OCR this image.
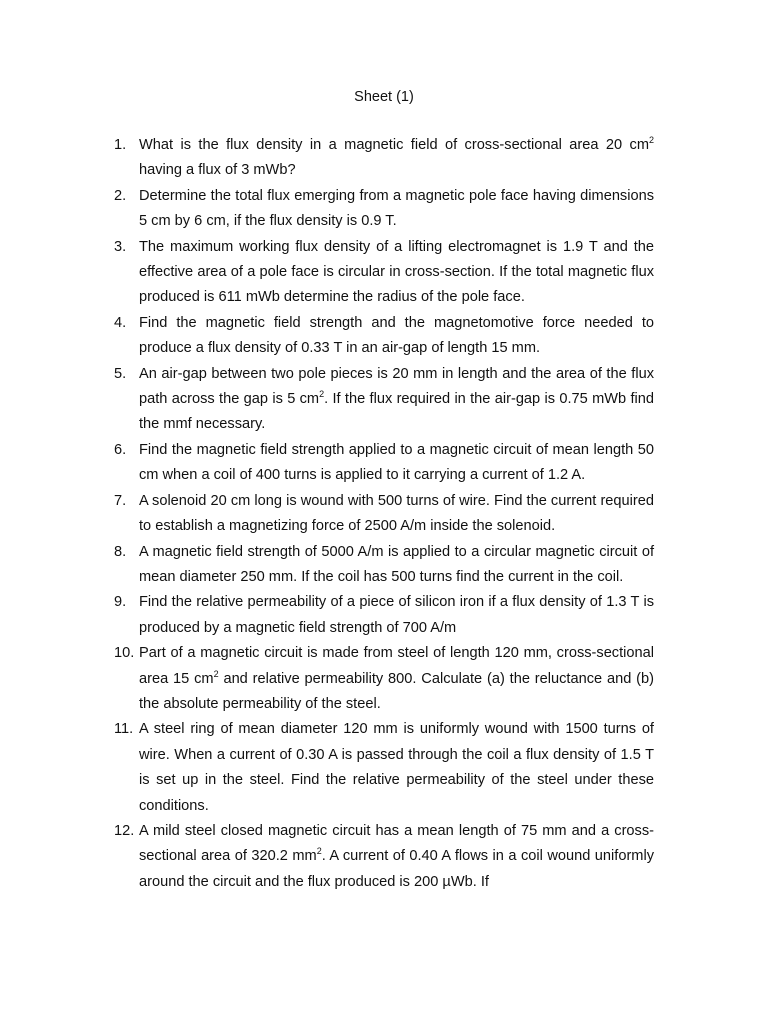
Sheet (1)
1. What is the flux density in a magnetic field of cross-sectional area 20 $cm^2$ having a flux of 3 mWb?
2. Determine the total flux emerging from a magnetic pole face having dimensions 5 cm by 6 cm, if the flux density is 0.9 T.
3. The maximum working flux density of a lifting electromagnet is 1.9 T and the effective area of a pole face is circular in cross-section. If the total magnetic flux produced is 611 mWb determine the radius of the pole face.
4. Find the magnetic field strength and the magnetomotive force needed to produce a flux density of 0.33 T in an air-gap of length 15 mm.
5. An air-gap between two pole pieces is 20 mm in length and the area of the flux path across the gap is 5 $cm^2$. If the flux required in the air-gap is 0.75 mWb find the mmf necessary.
6. Find the magnetic field strength applied to a magnetic circuit of mean length 50 cm when a coil of 400 turns is applied to it carrying a current of 1.2 A.
7. A solenoid 20 cm long is wound with 500 turns of wire. Find the current required to establish a magnetizing force of 2500 A/m inside the solenoid.
8. A magnetic field strength of 5000 A/m is applied to a circular magnetic circuit of mean diameter 250 mm. If the coil has 500 turns find the current in the coil.
9. Find the relative permeability of a piece of silicon iron if a flux density of 1.3 T is produced by a magnetic field strength of 700 A/m
10. Part of a magnetic circuit is made from steel of length 120 mm, cross-sectional area 15 $cm^2$ and relative permeability 800. Calculate (a) the reluctance and (b) the absolute permeability of the steel.
11. A steel ring of mean diameter 120 mm is uniformly wound with 1500 turns of wire. When a current of 0.30 A is passed through the coil a flux density of 1.5 T is set up in the steel. Find the relative permeability of the steel under these conditions.
12. A mild steel closed magnetic circuit has a mean length of 75 mm and a cross-sectional area of 320.2 $mm^2$. A current of 0.40 A flows in a coil wound uniformly around the circuit and the flux produced is 200 µWb. If
